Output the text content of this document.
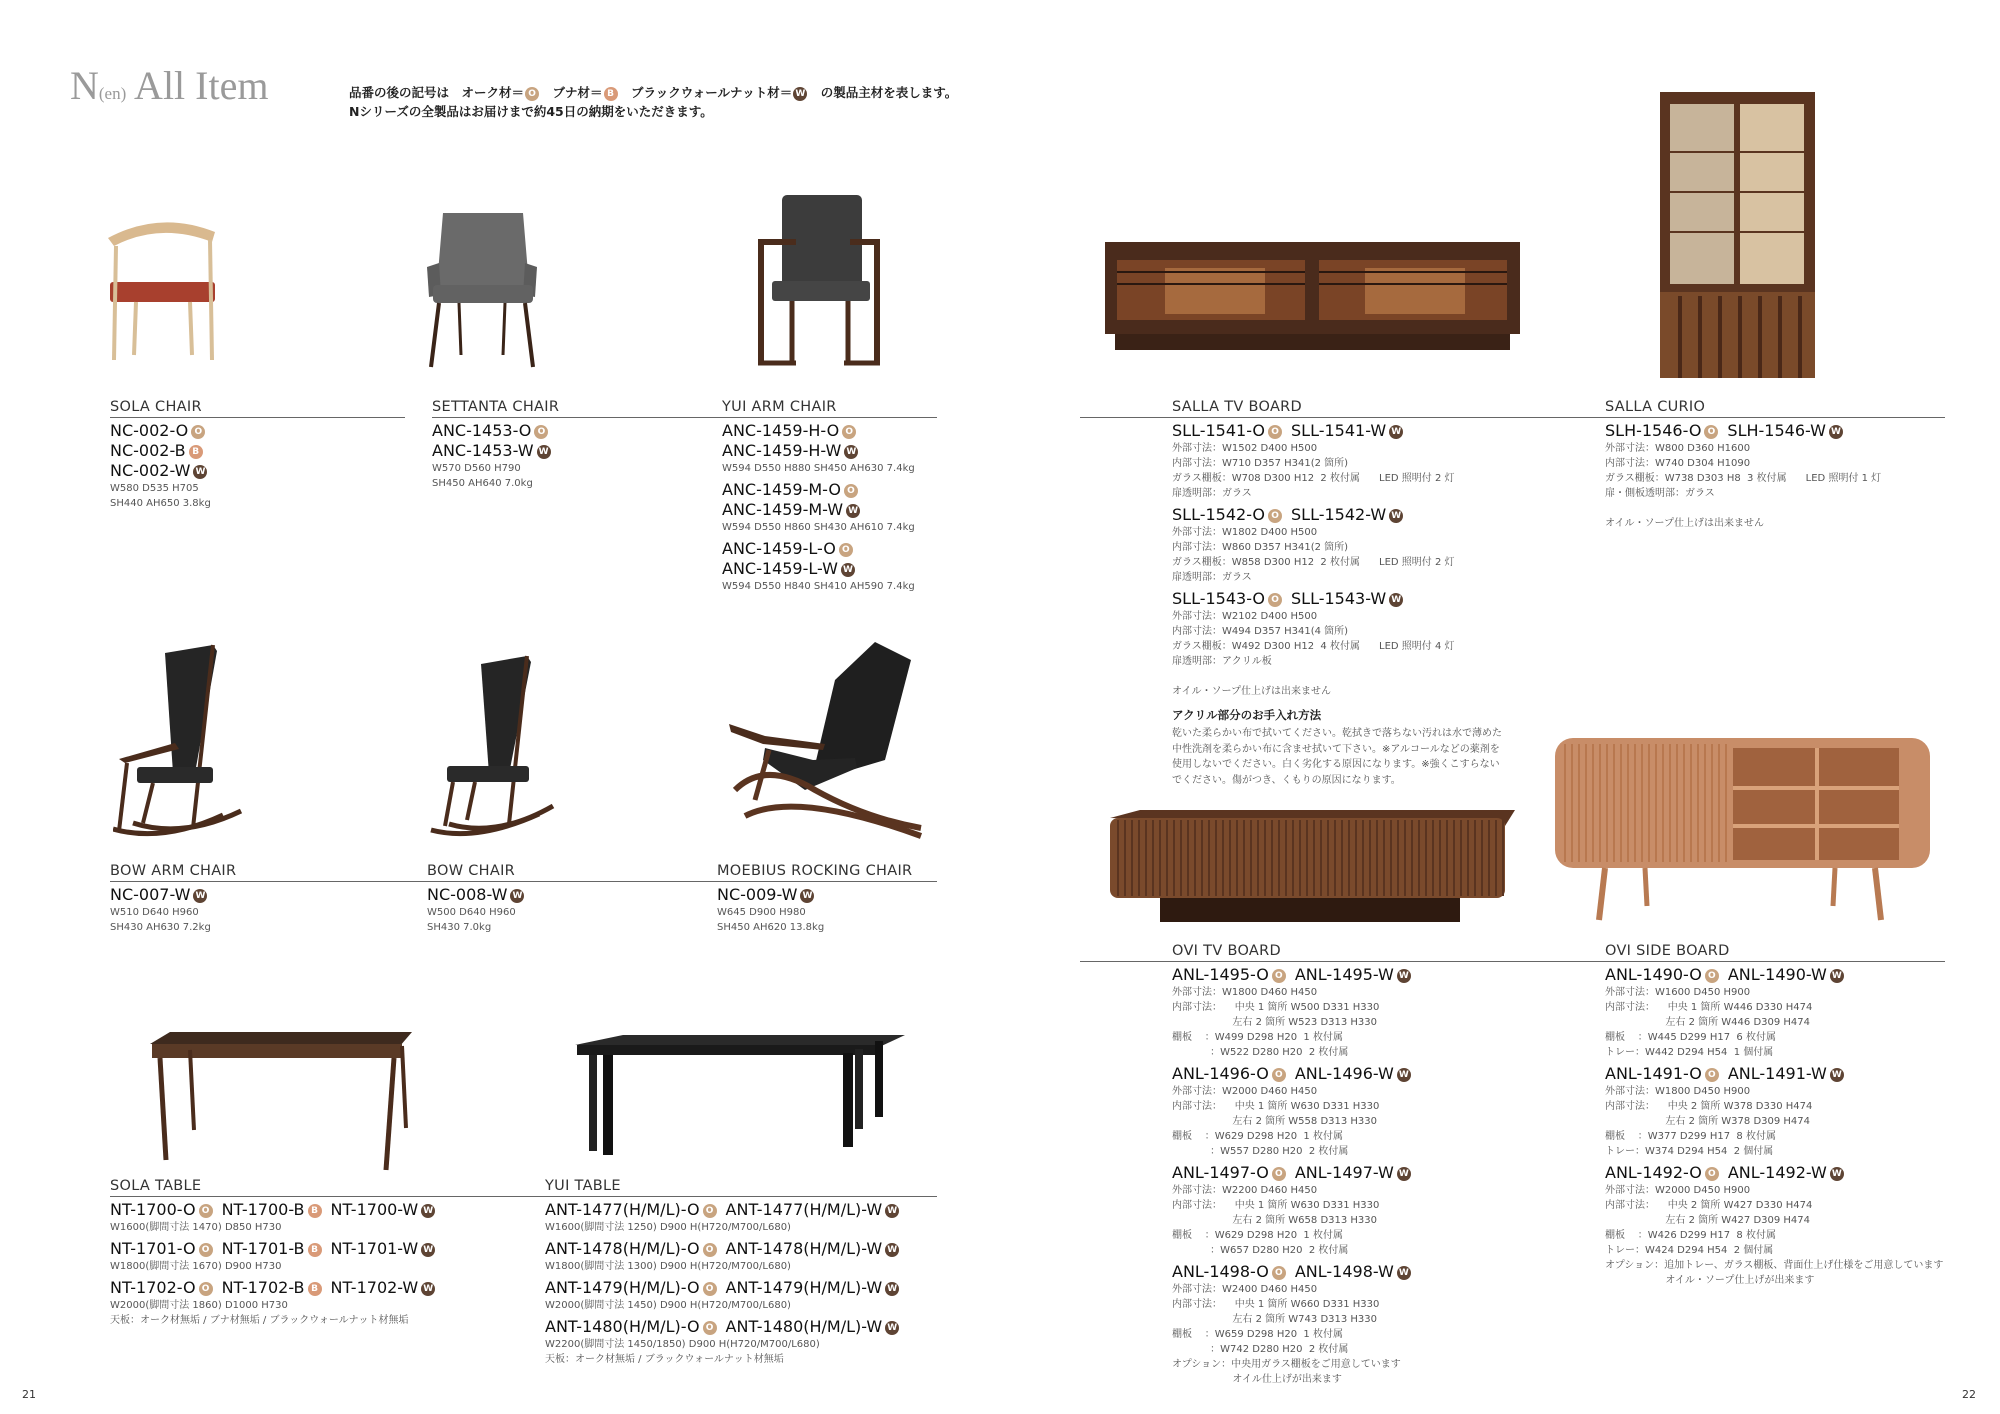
N(en) All Item	品番の後の記号は　オーク材＝ O　ブナ材＝ B　ブラックウォールナット材＝ W　の製品主材を表します。
Nシリーズの全製品はお届けまで約45日の納期をいただきます。
SOLA CHAIR
NC-002-O O
NC-002-B B
NC-002-W W
W580 D535 H705
SH440 AH650 3.8kg
SETTANTA CHAIR
ANC-1453-O O
ANC-1453-W W
W570 D560 H790
SH450 AH640 7.0kg
YUI ARM CHAIR
ANC-1459-H-O O
ANC-1459-H-W W
W594 D550 H880 SH450 AH630 7.4kg
ANC-1459-M-O O
ANC-1459-M-W W
W594 D550 H860 SH430 AH610 7.4kg
ANC-1459-L-O O
ANC-1459-L-W W
W594 D550 H840 SH410 AH590 7.4kg
BOW ARM CHAIR
NC-007-W W
W510 D640 H960
SH430 AH630 7.2kg
BOW CHAIR
NC-008-W W
W500 D640 H960
SH430 7.0kg
MOEBIUS ROCKING CHAIR
NC-009-W W
W645 D900 H980
SH450 AH620 13.8kg
SOLA TABLE
NT-1700-O O NT-1700-B B NT-1700-W W
W1600(脚間寸法 1470) D850 H730
NT-1701-O O NT-1701-B B NT-1701-W W
W1800(脚間寸法 1670) D900 H730
NT-1702-O O NT-1702-B B NT-1702-W W
W2000(脚間寸法 1860) D1000 H730
天板：オーク材無垢 / ブナ材無垢 / ブラックウォールナット材無垢
YUI TABLE
ANT-1477(H/M/L)-O O ANT-1477(H/M/L)-W W
W1600(脚間寸法 1250) D900 H(H720/M700/L680)
ANT-1478(H/M/L)-O O ANT-1478(H/M/L)-W W
W1800(脚間寸法 1300) D900 H(H720/M700/L680)
ANT-1479(H/M/L)-O O ANT-1479(H/M/L)-W W
W2000(脚間寸法 1450) D900 H(H720/M700/L680)
ANT-1480(H/M/L)-O O ANT-1480(H/M/L)-W W
W2200(脚間寸法 1450/1850) D900 H(H720/M700/L680)
天板：オーク材無垢 / ブラックウォールナット材無垢
SALLA TV BOARD
SLL-1541-O O SLL-1541-W W
外部寸法：W1502 D400 H500
内部寸法：W710 D357 H341(2 箇所)
ガラス棚板：W708 D300 H12  2 枚付属      LED 照明付 2 灯
扉透明部：ガラス
SLL-1542-O O SLL-1542-W W
外部寸法：W1802 D400 H500
内部寸法：W860 D357 H341(2 箇所)
ガラス棚板：W858 D300 H12  2 枚付属      LED 照明付 2 灯
扉透明部：ガラス
SLL-1543-O O SLL-1543-W W
外部寸法：W2102 D400 H500
内部寸法：W494 D357 H341(4 箇所)
ガラス棚板：W492 D300 H12  4 枚付属      LED 照明付 4 灯
扉透明部：アクリル板

オイル・ソープ仕上げは出来ません
アクリル部分のお手入れ方法
乾いた柔らかい布で拭いてください。乾拭きで落ちない汚れは水で薄めた
中性洗剤を柔らかい布に含ませ拭いて下さい。※アルコールなどの薬剤を
使用しないでください。白く劣化する原因になります。※強くこすらない
でください。傷がつき、くもりの原因になります。
SALLA CURIO
SLH-1546-O O SLH-1546-W W
外部寸法：W800 D360 H1600
内部寸法：W740 D304 H1090
ガラス棚板：W738 D303 H8  3 枚付属      LED 照明付 1 灯
扉・側板透明部：ガラス

オイル・ソープ仕上げは出来ません
OVI TV BOARD
ANL-1495-O O ANL-1495-W W
外部寸法：W1800 D460 H450
内部寸法：    中央 1 箇所 W500 D331 H330
左右 2 箇所 W523 D313 H330
棚板    ：W499 D298 H20  1 枚付属
：W522 D280 H20  2 枚付属
ANL-1496-O O ANL-1496-W W
外部寸法：W2000 D460 H450
内部寸法：    中央 1 箇所 W630 D331 H330
左右 2 箇所 W558 D313 H330
棚板    ：W629 D298 H20  1 枚付属
：W557 D280 H20  2 枚付属
ANL-1497-O O ANL-1497-W W
外部寸法：W2200 D460 H450
内部寸法：    中央 1 箇所 W630 D331 H330
左右 2 箇所 W658 D313 H330
棚板    ：W629 D298 H20  1 枚付属
：W657 D280 H20  2 枚付属
ANL-1498-O O ANL-1498-W W
外部寸法：W2400 D460 H450
内部寸法：    中央 1 箇所 W660 D331 H330
左右 2 箇所 W743 D313 H330
棚板    ：W659 D298 H20  1 枚付属
：W742 D280 H20  2 枚付属
オプション：中央用ガラス棚板をご用意しています
オイル仕上げが出来ます
OVI SIDE BOARD
ANL-1490-O O ANL-1490-W W
外部寸法：W1600 D450 H900
内部寸法：    中央 1 箇所 W446 D330 H474
左右 2 箇所 W446 D309 H474
棚板    ：W445 D299 H17  6 枚付属
トレー：W442 D294 H54  1 個付属
ANL-1491-O O ANL-1491-W W
外部寸法：W1800 D450 H900
内部寸法：    中央 2 箇所 W378 D330 H474
左右 2 箇所 W378 D309 H474
棚板    ：W377 D299 H17  8 枚付属
トレー：W374 D294 H54  2 個付属
ANL-1492-O O ANL-1492-W W
外部寸法：W2000 D450 H900
内部寸法：    中央 2 箇所 W427 D330 H474
左右 2 箇所 W427 D309 H474
棚板    ：W426 D299 H17  8 枚付属
トレー：W424 D294 H54  2 個付属
オプション：追加トレー、ガラス棚板、背面仕上げ仕様をご用意しています
オイル・ソープ仕上げが出来ます
21	22
